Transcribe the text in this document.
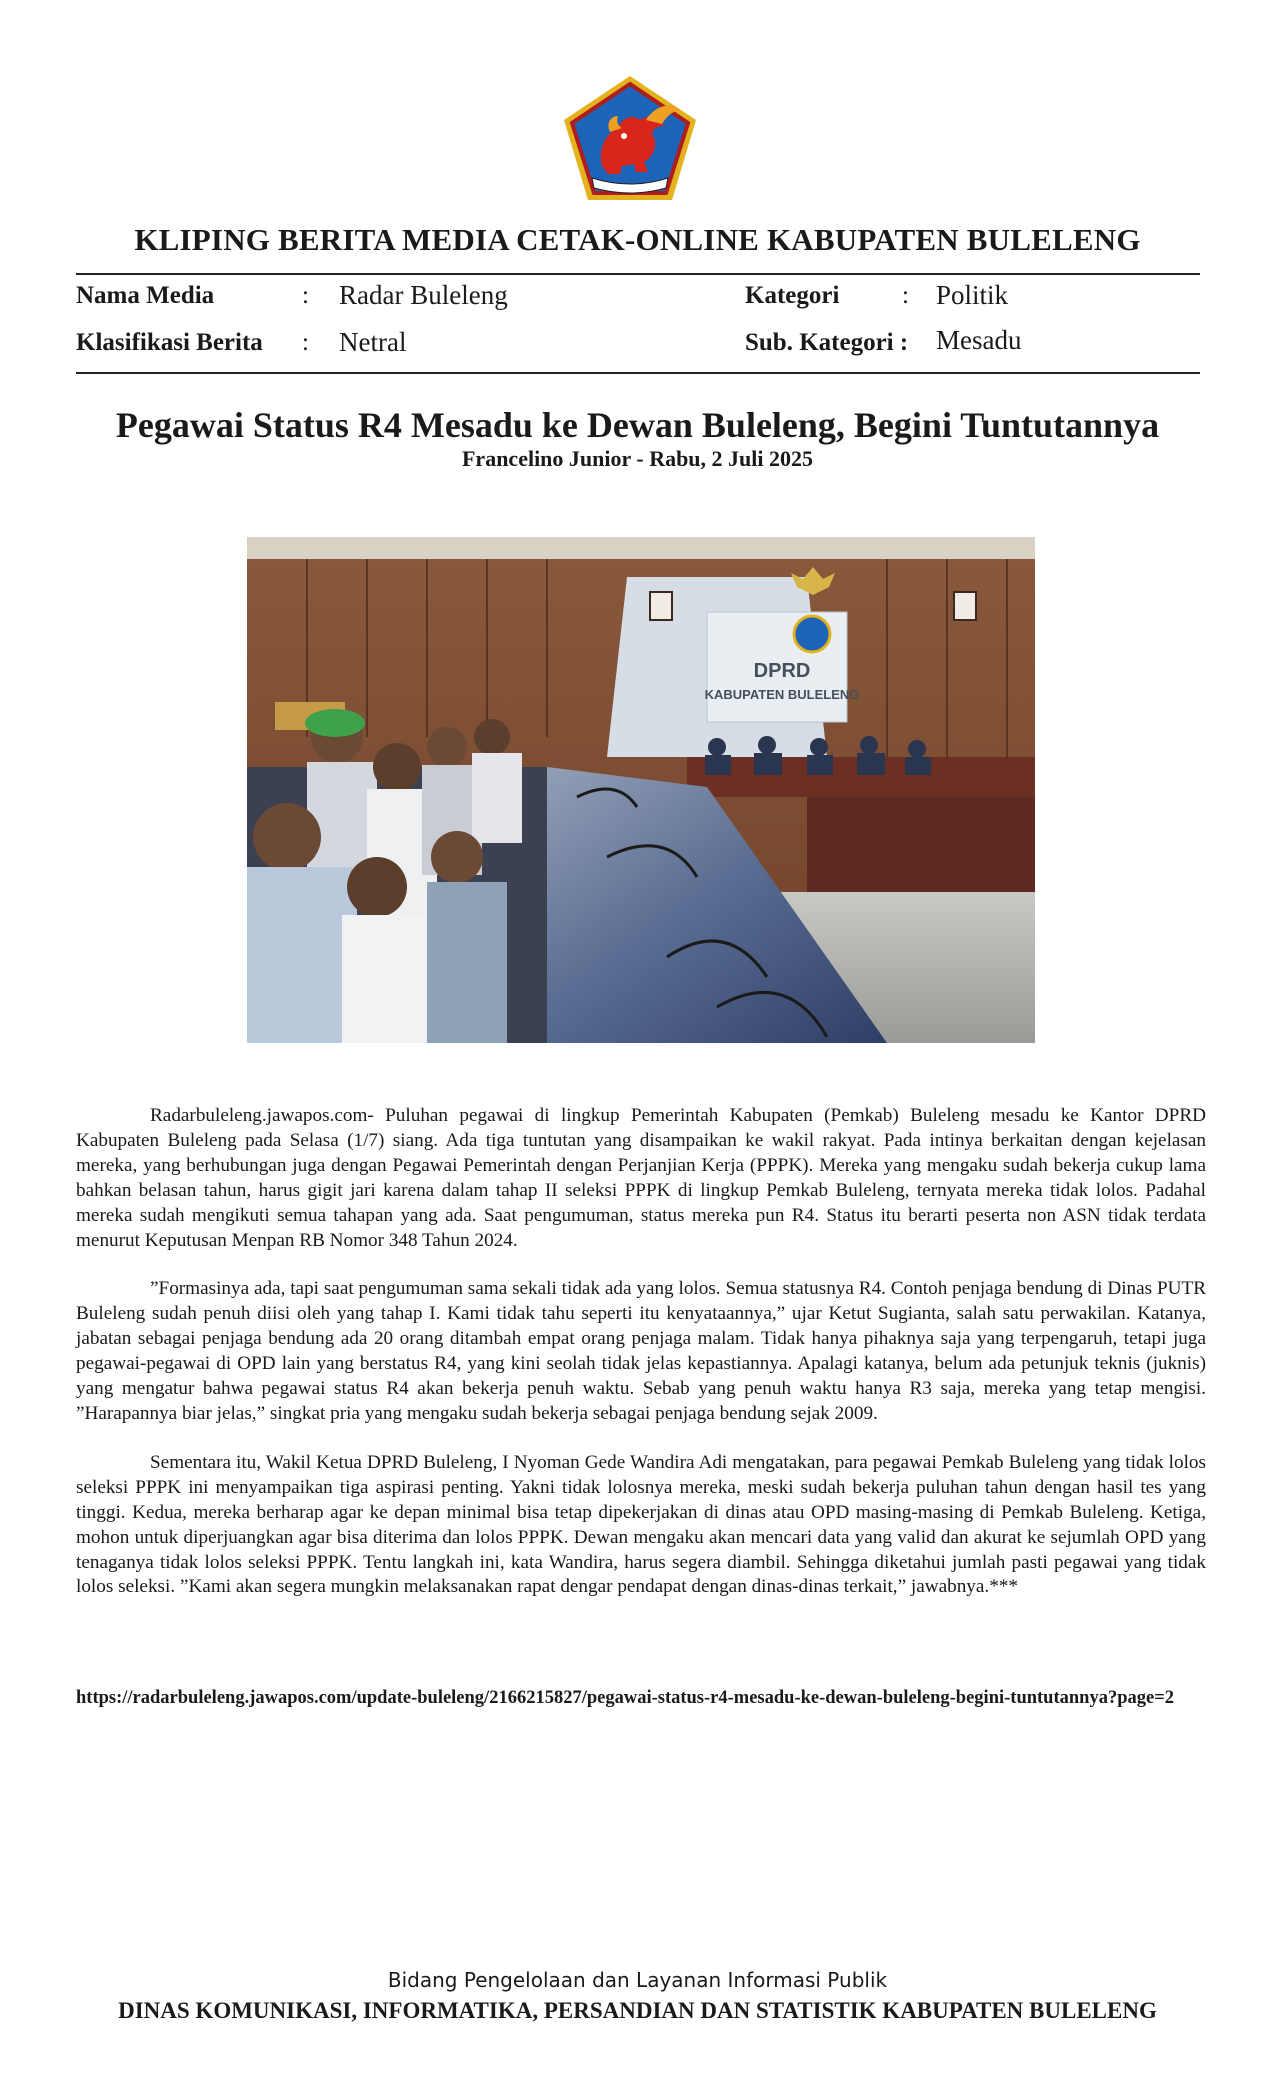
KLIPING BERITA MEDIA CETAK-ONLINE KABUPATEN BULELENG
Nama Media	: Radar Buleleng	Kategori	: Politik
Klasifikasi Berita : Netral	Sub. Kategori : Mesadu
Pegawai Status R4 Mesadu ke Dewan Buleleng, Begini Tuntutannya
Francelino Junior - Rabu, 2 Juli 2025
DPRD
KABUPATEN BULELENG

Radarbuleleng.jawapos.com- Puluhan pegawai di lingkup Pemerintah Kabupaten (Pemkab) Buleleng mesadu ke Kantor DPRD Kabupaten Buleleng pada Selasa (1/7) siang. Ada tiga tuntutan yang disampaikan ke wakil rakyat. Pada intinya berkaitan dengan kejelasan mereka, yang berhubungan juga dengan Pegawai Pemerintah dengan Perjanjian Kerja (PPPK). Mereka yang mengaku sudah bekerja cukup lama bahkan belasan tahun, harus gigit jari karena dalam tahap II seleksi PPPK di lingkup Pemkab Buleleng, ternyata mereka tidak lolos. Padahal mereka sudah mengikuti semua tahapan yang ada. Saat pengumuman, status mereka pun R4. Status itu berarti peserta non ASN tidak terdata menurut Keputusan Menpan RB Nomor 348 Tahun 2024.

”Formasinya ada, tapi saat pengumuman sama sekali tidak ada yang lolos. Semua statusnya R4. Contoh penjaga bendung di Dinas PUTR Buleleng sudah penuh diisi oleh yang tahap I. Kami tidak tahu seperti itu kenyataannya,” ujar Ketut Sugianta, salah satu perwakilan. Katanya, jabatan sebagai penjaga bendung ada 20 orang ditambah empat orang penjaga malam. Tidak hanya pihaknya saja yang terpengaruh, tetapi juga pegawai-pegawai di OPD lain yang berstatus R4, yang kini seolah tidak jelas kepastiannya. Apalagi katanya, belum ada petunjuk teknis (juknis) yang mengatur bahwa pegawai status R4 akan bekerja penuh waktu. Sebab yang penuh waktu hanya R3 saja, mereka yang tetap mengisi. ”Harapannya biar jelas,” singkat pria yang mengaku sudah bekerja sebagai penjaga bendung sejak 2009.

Sementara itu, Wakil Ketua DPRD Buleleng, I Nyoman Gede Wandira Adi mengatakan, para pegawai Pemkab Buleleng yang tidak lolos seleksi PPPK ini menyampaikan tiga aspirasi penting. Yakni tidak lolosnya mereka, meski sudah bekerja puluhan tahun dengan hasil tes yang tinggi. Kedua, mereka berharap agar ke depan minimal bisa tetap dipekerjakan di dinas atau OPD masing-masing di Pemkab Buleleng. Ketiga, mohon untuk diperjuangkan agar bisa diterima dan lolos PPPK. Dewan mengaku akan mencari data yang valid dan akurat ke sejumlah OPD yang tenaganya tidak lolos seleksi PPPK. Tentu langkah ini, kata Wandira, harus segera diambil. Sehingga diketahui jumlah pasti pegawai yang tidak lolos seleksi. ”Kami akan segera mungkin melaksanakan rapat dengar pendapat dengan dinas-dinas terkait,” jawabnya.***

https://radarbuleleng.jawapos.com/update-buleleng/2166215827/pegawai-status-r4-mesadu-ke-dewan-buleleng-begini-tuntutannya?page=2
Bidang Pengelolaan dan Layanan Informasi Publik
DINAS KOMUNIKASI, INFORMATIKA, PERSANDIAN DAN STATISTIK KABUPATEN BULELENG
